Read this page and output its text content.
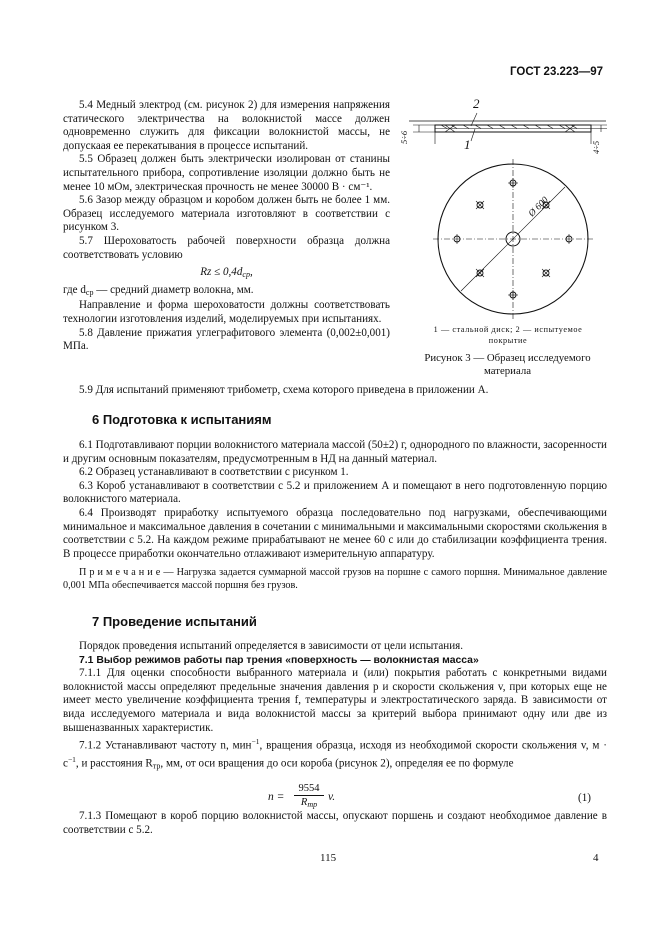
ГОСТ 23.223—97

5.4 Медный электрод (см. рисунок 2) для измерения напряжения статического электричества на волокнистой массе должен одновременно служить для фиксации волокнистой массы, не допускаая ее перекатывания в процессе испытаний.

5.5 Образец должен быть электрически изолирован от станины испытательного прибора, сопротивление изоляции должно быть не менее 10 мОм, электрическая прочность не менее 30000 В · см⁻¹.

5.6 Зазор между образцом и коробом должен быть не более 1 мм. Образец исследуемого материала изготовляют в соответствии с рисунком 3.

5.7 Шероховатость рабочей поверхности образца должна соответствовать условию

$Rz \le 0,4d_{ср}$,

где $d_{ср}$ — средний диаметр волокна, мм.

Направление и форма шероховатости должны соответствовать технологии изготовления изделий, моделируемых при испытаниях.

5.8 Давление прижатия углеграфитового элемента (0,002±0,001) МПа.

2
1
5÷6
4÷5
Ø 600
1 — стальной диск; 2 — испытуемое покрытие
Рисунок 3 — Образец исследуемого материала

5.9 Для испытаний применяют трибометр, схема которого приведена в приложении А.

6 Подготовка к испытаниям

6.1 Подготавливают порции волокнистого материала массой (50±2) г, однородного по влажности, засоренности и другим основным показателям, предусмотренным в НД на данный материал.

6.2 Образец устанавливают в соответствии с рисунком 1.

6.3 Короб устанавливают в соответствии с 5.2 и приложением А и помещают в него подготовленную порцию волокнистого материала.

6.4 Производят приработку испытуемого образца последовательно под нагрузками, обеспечивающими минимальное и максимальное давления в сочетании с минимальными и максимальными скоростями скольжения в соответствии с 5.2. На каждом режиме прирабатывают не менее 60 с или до стабилизации коэффициента трения. В процессе приработки окончательно отлаживают измерительную аппаратуру.

П р и м е ч а н и е — Нагрузка задается суммарной массой грузов на поршне с самого поршня. Минимальное давление 0,001 МПа обеспечивается массой поршня без грузов.

7 Проведение испытаний

Порядок проведения испытаний определяется в зависимости от цели испытания.

7.1 Выбор режимов работы пар трения «поверхность — волокнистая масса»

7.1.1 Для оценки способности выбранного материала и (или) покрытия работать с конкретными видами волокнистой массы определяют предельные значения давления p и скорости скольжения v, при которых еще не имеет место увеличение коэффициента трения f, температуры и электростатического заряда. В зависимости от вида исследуемого материала и вида волокнистой массы за критерий выбора принимают одну или две из вышеназванных характеристик.

7.1.2 Устанавливают частоту n, мин$^{-1}$, вращения образца, исходя из необходимой скорости скольжения v, $м \cdot с^{-1}$, и расстояния $R_{тр}$, мм, от оси вращения до оси короба (рисунок 2), определяя ее по формуле

n =
9554
$R_{тр}$
v.	(1)

7.1.3 Помещают в короб порцию волокнистой массы, опускают поршень и создают необходимое давление в соответствии с 5.2.

115	4
